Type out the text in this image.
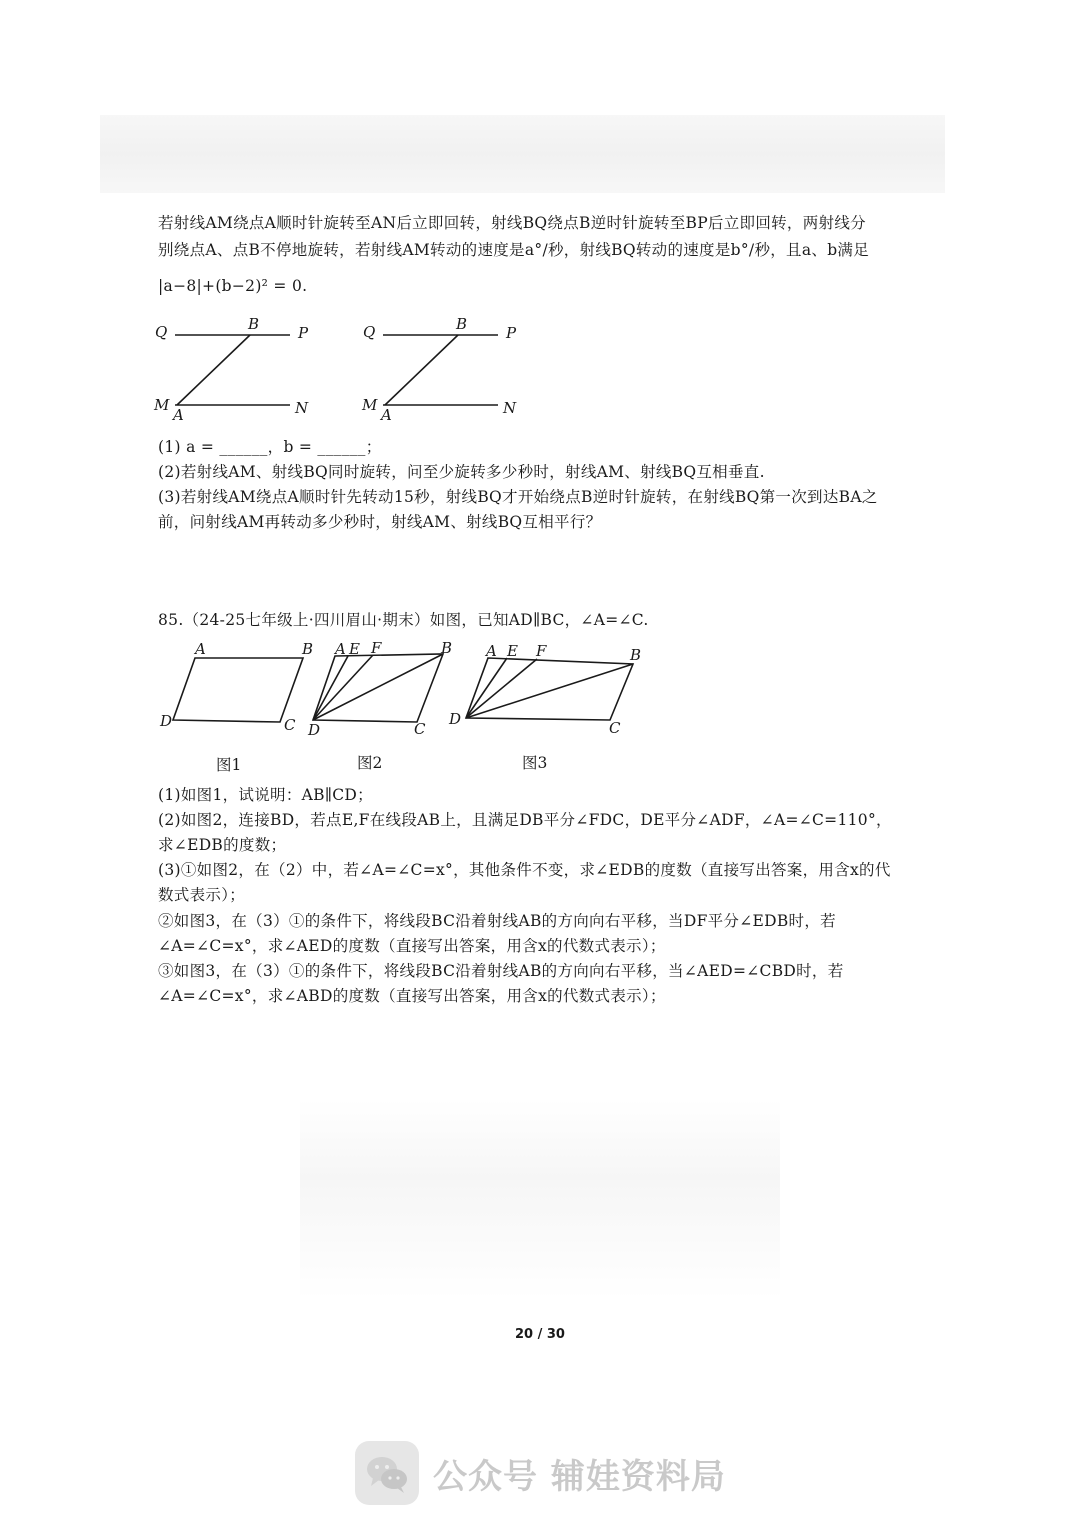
若射线AM绕点A顺时针旋转至AN后立即回转，射线BQ绕点B逆时针旋转至BP后立即回转，两射线分
别绕点A、点B不停地旋转，若射线AM转动的速度是a°/秒，射线BQ转动的速度是b°/秒，且a、b满足
|a−8|+(b−2)² = 0.
Q	B	P
M
A	N
Q	B	P
M
A	N
(1) a = ______，b = ______；
(2)若射线AM、射线BQ同时旋转，问至少旋转多少秒时，射线AM、射线BQ互相垂直.
(3)若射线AM绕点A顺时针先转动15秒，射线BQ才开始绕点B逆时针旋转，在射线BQ第一次到达BA之
前，问射线AM再转动多少秒时，射线AM、射线BQ互相平行？
85.（24-25七年级上·四川眉山·期末）如图，已知AD∥BC，∠A=∠C.
A	B
D	C
A E F	B
D	C
A E F	B
D	C
图1	图2	图3
(1)如图1，试说明：AB∥CD；
(2)如图2，连接BD，若点E,F在线段AB上，且满足DB平分∠FDC，DE平分∠ADF，∠A=∠C=110°，
求∠EDB的度数；
(3)①如图2，在（2）中，若∠A=∠C=x°，其他条件不变，求∠EDB的度数（直接写出答案，用含x的代
数式表示）；
②如图3，在（3）①的条件下，将线段BC沿着射线AB的方向向右平移，当DF平分∠EDB时，若
∠A=∠C=x°，求∠AED的度数（直接写出答案，用含x的代数式表示）；
③如图3，在（3）①的条件下，将线段BC沿着射线AB的方向向右平移，当∠AED=∠CBD时，若
∠A=∠C=x°，求∠ABD的度数（直接写出答案，用含x的代数式表示）；
20 / 30
公众号 辅娃资料局
